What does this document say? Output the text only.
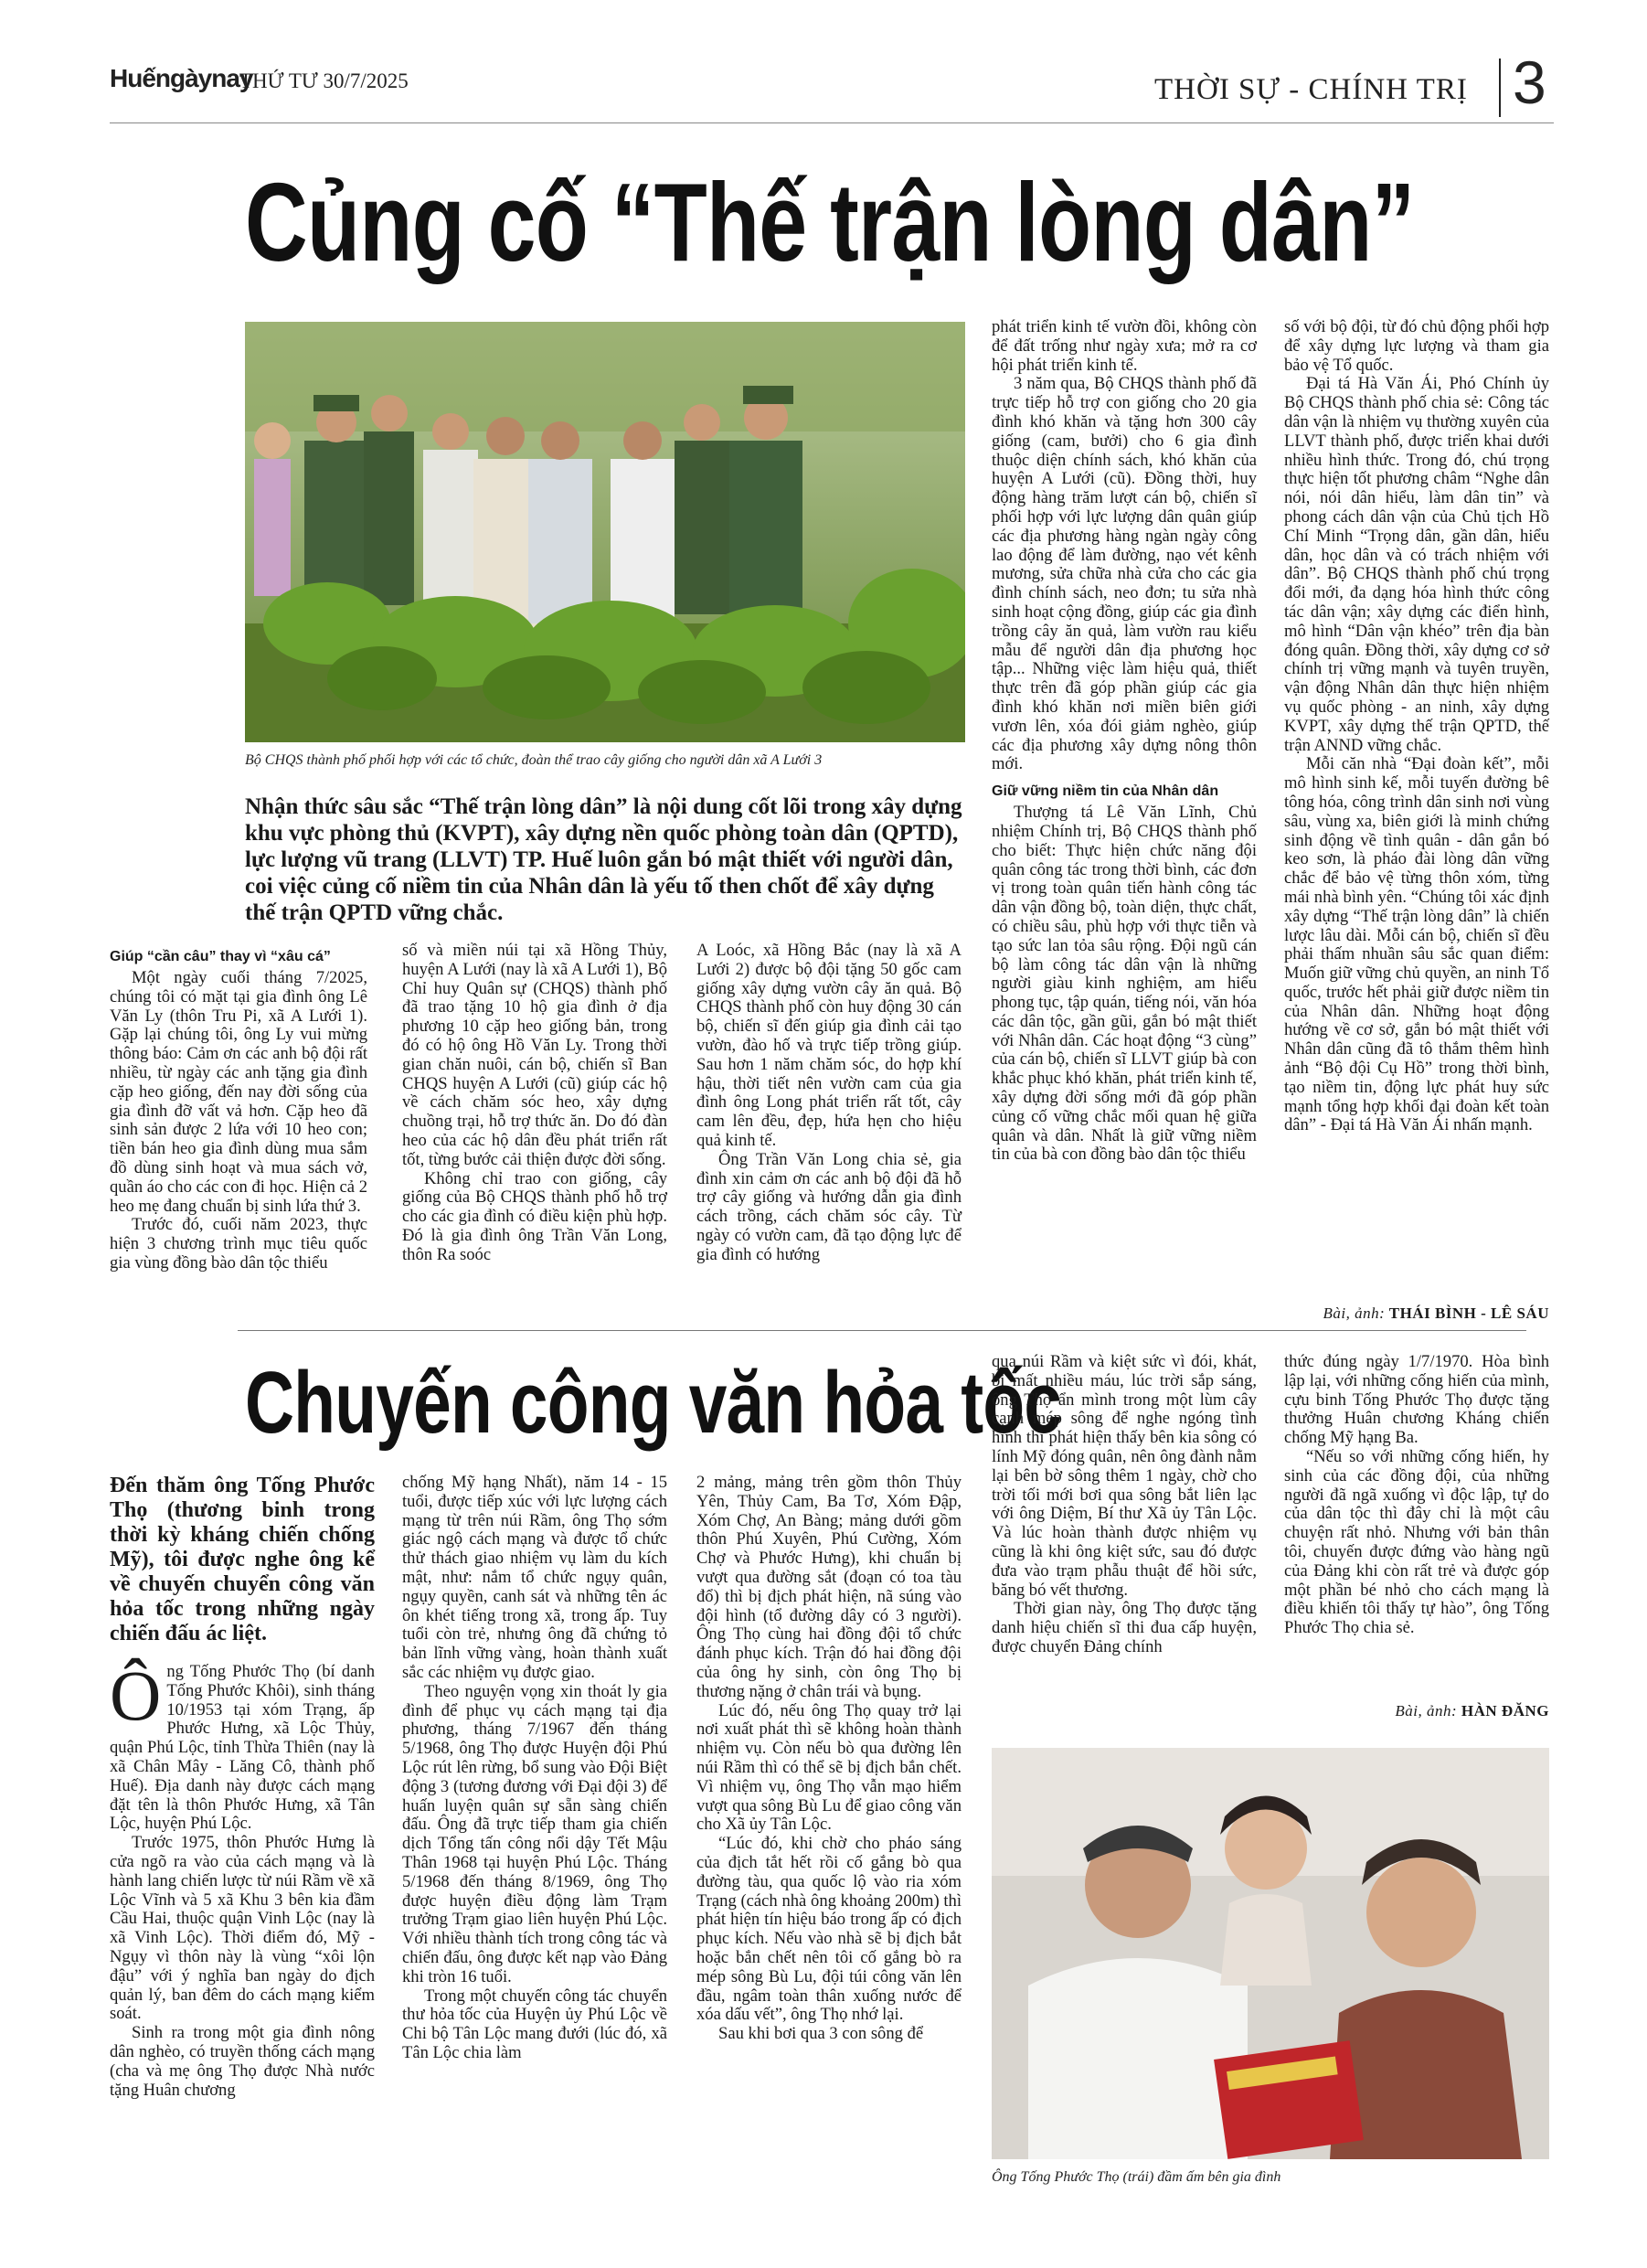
Huếngàynay
THỨ TƯ 30/7/2025	THỜI SỰ - CHÍNH TRỊ 3
Củng cố “Thế trận lòng dân”
Bộ CHQS thành phố phối hợp với các tổ chức, đoàn thể trao cây giống cho người dân xã A Lưới 3
Nhận thức sâu sắc “Thế trận lòng dân” là nội dung cốt lõi trong xây dựng khu vực phòng thủ (KVPT), xây dựng nền quốc phòng toàn dân (QPTD), lực lượng vũ trang (LLVT) TP. Huế luôn gắn bó mật thiết với người dân, coi việc củng cố niềm tin của Nhân dân là yếu tố then chốt để xây dựng thế trận QPTD vững chắc.
Giúp “cần câu” thay vì “xâu cá”

Một ngày cuối tháng 7/2025, chúng tôi có mặt tại gia đình ông Lê Văn Ly (thôn Tru Pi, xã A Lưới 1). Gặp lại chúng tôi, ông Ly vui mừng thông báo: Cảm ơn các anh bộ đội rất nhiều, từ ngày các anh tặng gia đình cặp heo giống, đến nay đời sống của gia đình đỡ vất vả hơn. Cặp heo đã sinh sản được 2 lứa với 10 heo con; tiền bán heo gia đình dùng mua sắm đồ dùng sinh hoạt và mua sách vở, quần áo cho các con đi học. Hiện cả 2 heo mẹ đang chuẩn bị sinh lứa thứ 3.

Trước đó, cuối năm 2023, thực hiện 3 chương trình mục tiêu quốc gia vùng đồng bào dân tộc thiểu

số và miền núi tại xã Hồng Thủy, huyện A Lưới (nay là xã A Lưới 1), Bộ Chỉ huy Quân sự (CHQS) thành phố đã trao tặng 10 hộ gia đình ở địa phương 10 cặp heo giống bản, trong đó có hộ ông Hồ Văn Ly. Trong thời gian chăn nuôi, cán bộ, chiến sĩ Ban CHQS huyện A Lưới (cũ) giúp các hộ về cách chăm sóc heo, xây dựng chuồng trại, hỗ trợ thức ăn. Do đó đàn heo của các hộ dân đều phát triển rất tốt, từng bước cải thiện được đời sống.

Không chỉ trao con giống, cây giống của Bộ CHQS thành phố hỗ trợ cho các gia đình có điều kiện phù hợp. Đó là gia đình ông Trần Văn Long, thôn Ra soóc

A Loóc, xã Hồng Bắc (nay là xã A Lưới 2) được bộ đội tặng 50 gốc cam giống xây dựng vườn cây ăn quả. Bộ CHQS thành phố còn huy động 30 cán bộ, chiến sĩ đến giúp gia đình cải tạo vườn, đào hố và trực tiếp trồng giúp. Sau hơn 1 năm chăm sóc, do hợp khí hậu, thời tiết nên vườn cam của gia đình ông Long phát triển rất tốt, cây cam lên đều, đẹp, hứa hẹn cho hiệu quả kinh tế.

Ông Trần Văn Long chia sẻ, gia đình xin cảm ơn các anh bộ đội đã hỗ trợ cây giống và hướng dẫn gia đình cách trồng, cách chăm sóc cây. Từ ngày có vườn cam, đã tạo động lực để gia đình có hướng

phát triển kinh tế vườn đồi, không còn để đất trống như ngày xưa; mở ra cơ hội phát triển kinh tế.

3 năm qua, Bộ CHQS thành phố đã trực tiếp hỗ trợ con giống cho 20 gia đình khó khăn và tặng hơn 300 cây giống (cam, bưởi) cho 6 gia đình thuộc diện chính sách, khó khăn của huyện A Lưới (cũ). Đồng thời, huy động hàng trăm lượt cán bộ, chiến sĩ phối hợp với lực lượng dân quân giúp các địa phương hàng ngàn ngày công lao động để làm đường, nạo vét kênh mương, sửa chữa nhà cửa cho các gia đình chính sách, neo đơn; tu sửa nhà sinh hoạt cộng đồng, giúp các gia đình trồng cây ăn quả, làm vườn rau kiểu mẫu để người dân địa phương học tập... Những việc làm hiệu quả, thiết thực trên đã góp phần giúp các gia đình khó khăn nơi miền biên giới vươn lên, xóa đói giảm nghèo, giúp các địa phương xây dựng nông thôn mới.

Giữ vững niềm tin của Nhân dân

Thượng tá Lê Văn Lĩnh, Chủ nhiệm Chính trị, Bộ CHQS thành phố cho biết: Thực hiện chức năng đội quân công tác trong thời bình, các đơn vị trong toàn quân tiến hành công tác dân vận đồng bộ, toàn diện, thực chất, có chiều sâu, phù hợp với thực tiễn và tạo sức lan tỏa sâu rộng. Đội ngũ cán bộ làm công tác dân vận là những người giàu kinh nghiệm, am hiểu phong tục, tập quán, tiếng nói, văn hóa các dân tộc, gần gũi, gắn bó mật thiết với Nhân dân. Các hoạt động “3 cùng” của cán bộ, chiến sĩ LLVT giúp bà con khắc phục khó khăn, phát triển kinh tế, xây dựng đời sống mới đã góp phần củng cố vững chắc mối quan hệ giữa quân và dân. Nhất là giữ vững niềm tin của bà con đồng bào dân tộc thiểu

số với bộ đội, từ đó chủ động phối hợp để xây dựng lực lượng và tham gia bảo vệ Tổ quốc.

Đại tá Hà Văn Ái, Phó Chính ủy Bộ CHQS thành phố chia sẻ: Công tác dân vận là nhiệm vụ thường xuyên của LLVT thành phố, được triển khai dưới nhiều hình thức. Trong đó, chú trọng thực hiện tốt phương châm “Nghe dân nói, nói dân hiểu, làm dân tin” và phong cách dân vận của Chủ tịch Hồ Chí Minh “Trọng dân, gần dân, hiểu dân, học dân và có trách nhiệm với dân”. Bộ CHQS thành phố chú trọng đổi mới, đa dạng hóa hình thức công tác dân vận; xây dựng các điển hình, mô hình “Dân vận khéo” trên địa bàn đóng quân. Đồng thời, xây dựng cơ sở chính trị vững mạnh và tuyên truyền, vận động Nhân dân thực hiện nhiệm vụ quốc phòng - an ninh, xây dựng KVPT, xây dựng thế trận QPTD, thế trận ANND vững chắc.

Mỗi căn nhà “Đại đoàn kết”, mỗi mô hình sinh kế, mỗi tuyến đường bê tông hóa, công trình dân sinh nơi vùng sâu, vùng xa, biên giới là minh chứng sinh động về tình quân - dân gắn bó keo sơn, là pháo đài lòng dân vững chắc để bảo vệ từng thôn xóm, từng mái nhà bình yên. “Chúng tôi xác định xây dựng “Thế trận lòng dân” là chiến lược lâu dài. Mỗi cán bộ, chiến sĩ đều phải thấm nhuần sâu sắc quan điểm: Muốn giữ vững chủ quyền, an ninh Tổ quốc, trước hết phải giữ được niềm tin của Nhân dân. Những hoạt động hướng về cơ sở, gắn bó mật thiết với Nhân dân cũng đã tô thắm thêm hình ảnh “Bộ đội Cụ Hồ” trong thời bình, tạo niềm tin, động lực phát huy sức mạnh tổng hợp khối đại đoàn kết toàn dân” - Đại tá Hà Văn Ái nhấn mạnh.

Bài, ảnh: THÁI BÌNH - LÊ SÁU
Chuyến công văn hỏa tốc
Đến thăm ông Tống Phước Thọ (thương binh trong thời kỳ kháng chiến chống Mỹ), tôi được nghe ông kể về chuyến chuyển công văn hỏa tốc trong những ngày chiến đấu ác liệt.

Ông Tống Phước Thọ (bí danh Tống Phước Khôi), sinh tháng 10/1953 tại xóm Trạng, ấp Phước Hưng, xã Lộc Thủy, quận Phú Lộc, tỉnh Thừa Thiên (nay là xã Chân Mây - Lăng Cô, thành phố Huế). Địa danh này được cách mạng đặt tên là thôn Phước Hưng, xã Tân Lộc, huyện Phú Lộc.

Trước 1975, thôn Phước Hưng là cửa ngõ ra vào của cách mạng và là hành lang chiến lược từ núi Rầm về xã Lộc Vĩnh và 5 xã Khu 3 bên kia đầm Cầu Hai, thuộc quận Vinh Lộc (nay là xã Vinh Lộc). Thời điểm đó, Mỹ - Ngụy vì thôn này là vùng “xôi lộn đậu” với ý nghĩa ban ngày do địch quản lý, ban đêm do cách mạng kiểm soát.

Sinh ra trong một gia đình nông dân nghèo, có truyền thống cách mạng (cha và mẹ ông Thọ được Nhà nước tặng Huân chương

chống Mỹ hạng Nhất), năm 14 - 15 tuổi, được tiếp xúc với lực lượng cách mạng từ trên núi Rầm, ông Thọ sớm giác ngộ cách mạng và được tổ chức thử thách giao nhiệm vụ làm du kích mật, như: nắm tổ chức ngụy quân, ngụy quyền, canh sát và những tên ác ôn khét tiếng trong xã, trong ấp. Tuy tuổi còn trẻ, nhưng ông đã chứng tỏ bản lĩnh vững vàng, hoàn thành xuất sắc các nhiệm vụ được giao.

Theo nguyện vọng xin thoát ly gia đình để phục vụ cách mạng tại địa phương, tháng 7/1967 đến tháng 5/1968, ông Thọ được Huyện đội Phú Lộc rút lên rừng, bổ sung vào Đội Biệt động 3 (tương đương với Đại đội 3) để huấn luyện quân sự sẵn sàng chiến đấu. Ông đã trực tiếp tham gia chiến dịch Tổng tấn công nổi dậy Tết Mậu Thân 1968 tại huyện Phú Lộc. Tháng 5/1968 đến tháng 8/1969, ông Thọ được huyện điều động làm Trạm trưởng Trạm giao liên huyện Phú Lộc. Với nhiều thành tích trong công tác và chiến đấu, ông được kết nạp vào Đảng khi tròn 16 tuổi.

Trong một chuyến công tác chuyển thư hỏa tốc của Huyện ủy Phú Lộc về Chi bộ Tân Lộc mang đưới (lúc đó, xã Tân Lộc chia làm

2 mảng, mảng trên gồm thôn Thủy Yên, Thủy Cam, Ba Tơ, Xóm Đập, Xóm Chợ, An Bàng; mảng dưới gồm thôn Phú Xuyên, Phú Cường, Xóm Chợ và Phước Hưng), khi chuẩn bị vượt qua đường sắt (đoạn có toa tàu đổ) thì bị địch phát hiện, nã súng vào đội hình (tổ đường dây có 3 người). Ông Thọ cùng hai đồng đội tổ chức đánh phục kích. Trận đó hai đồng đội của ông hy sinh, còn ông Thọ bị thương nặng ở chân trái và bụng.

Lúc đó, nếu ông Thọ quay trở lại nơi xuất phát thì sẽ không hoàn thành nhiệm vụ. Còn nếu bò qua đường lên núi Rầm thì có thể sẽ bị địch bắn chết. Vì nhiệm vụ, ông Thọ vẫn mạo hiểm vượt qua sông Bù Lu để giao công văn cho Xã ủy Tân Lộc.

“Lúc đó, khi chờ cho pháo sáng của địch tắt hết rồi cố gắng bò qua đường tàu, qua quốc lộ vào ria xóm Trạng (cách nhà ông khoảng 200m) thì phát hiện tín hiệu báo trong ấp có địch phục kích. Nếu vào nhà sẽ bị địch bắt hoặc bắn chết nên tôi cố gắng bò ra mép sông Bù Lu, đội túi công văn lên đầu, ngâm toàn thân xuống nước để xóa dấu vết”, ông Thọ nhớ lại.

Sau khi bơi qua 3 con sông để

qua núi Rầm và kiệt sức vì đói, khát, bị mất nhiều máu, lúc trời sắp sáng, ông Thọ ẩn mình trong một lùm cây cạnh mép sông để nghe ngóng tình hình thì phát hiện thấy bên kia sông có lính Mỹ đóng quân, nên ông đành nằm lại bên bờ sông thêm 1 ngày, chờ cho trời tối mới bơi qua sông bắt liên lạc với ông Diệm, Bí thư Xã ủy Tân Lộc. Và lúc hoàn thành được nhiệm vụ cũng là khi ông kiệt sức, sau đó được đưa vào trạm phẫu thuật để hồi sức, băng bó vết thương.

Thời gian này, ông Thọ được tặng danh hiệu chiến sĩ thi đua cấp huyện, được chuyển Đảng chính

thức đúng ngày 1/7/1970. Hòa bình lập lại, với những cống hiến của mình, cựu binh Tống Phước Thọ được tặng thưởng Huân chương Kháng chiến chống Mỹ hạng Ba.

“Nếu so với những cống hiến, hy sinh của các đồng đội, của những người đã ngã xuống vì độc lập, tự do của dân tộc thì đây chỉ là một câu chuyện rất nhỏ. Nhưng với bản thân tôi, chuyến được đứng vào hàng ngũ của Đảng khi còn rất trẻ và được góp một phần bé nhỏ cho cách mạng là điều khiến tôi thấy tự hào”, ông Tống Phước Thọ chia sẻ.

Bài, ảnh: HÀN ĐĂNG
Ông Tống Phước Thọ (trái) đầm ấm bên gia đình
